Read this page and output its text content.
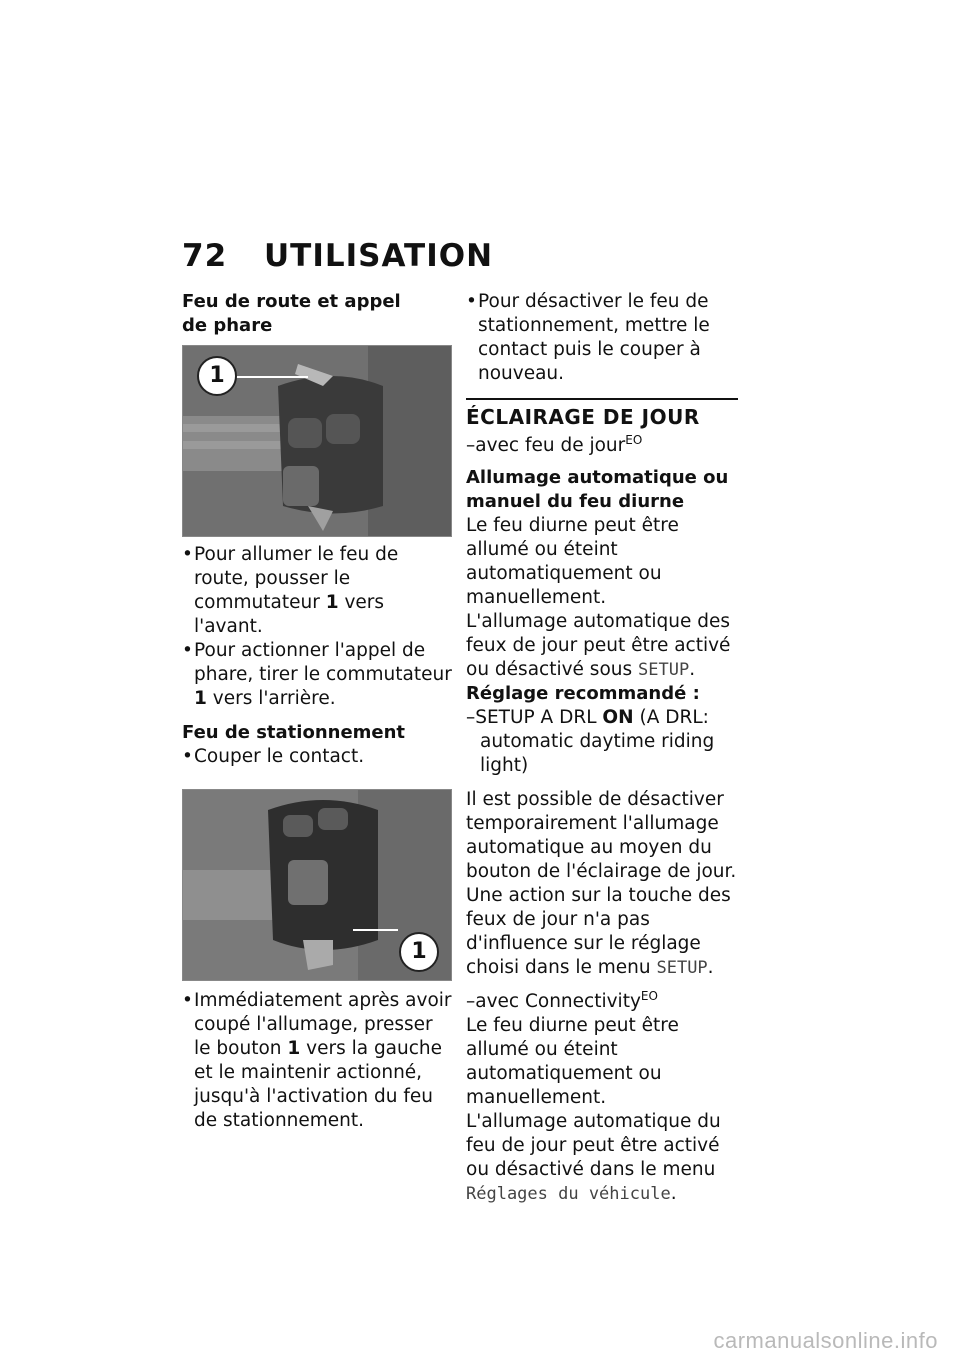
72	UTILISATION
Feu de route et appel de phare
1

• Pour allumer le feu de route, pousser le commutateur 1 vers l'avant.

• Pour actionner l'appel de phare, tirer le commutateur 1 vers l'arrière.

Feu de stationnement

• Couper le contact.

1

• Immédiatement après avoir coupé l'allumage, presser le bouton 1 vers la gauche et le maintenir actionné, jusqu'à l'activation du feu de stationnement.

• Pour désactiver le feu de stationnement, mettre le contact puis le couper à nouveau.

ÉCLAIRAGE DE JOUR
–avec feu de jour$^{EO}$
Allumage automatique ou manuel du feu diurne

Le feu diurne peut être allumé ou éteint automatiquement ou manuellement.

L'allumage automatique des feux de jour peut être activé ou désactivé sous SETUP.

Réglage recommandé :

–SETUP A DRL ON (A DRL: automatic daytime riding light)

Il est possible de désactiver temporairement l'allumage automatique au moyen du bouton de l'éclairage de jour. Une action sur la touche des feux de jour n'a pas d'influence sur le réglage choisi dans le menu SETUP.

–avec Connectivity$^{EO}$

Le feu diurne peut être allumé ou éteint automatiquement ou manuellement.

L'allumage automatique du feu de jour peut être activé ou désactivé dans le menu Réglages du véhicule.

carmanualsonline.info
